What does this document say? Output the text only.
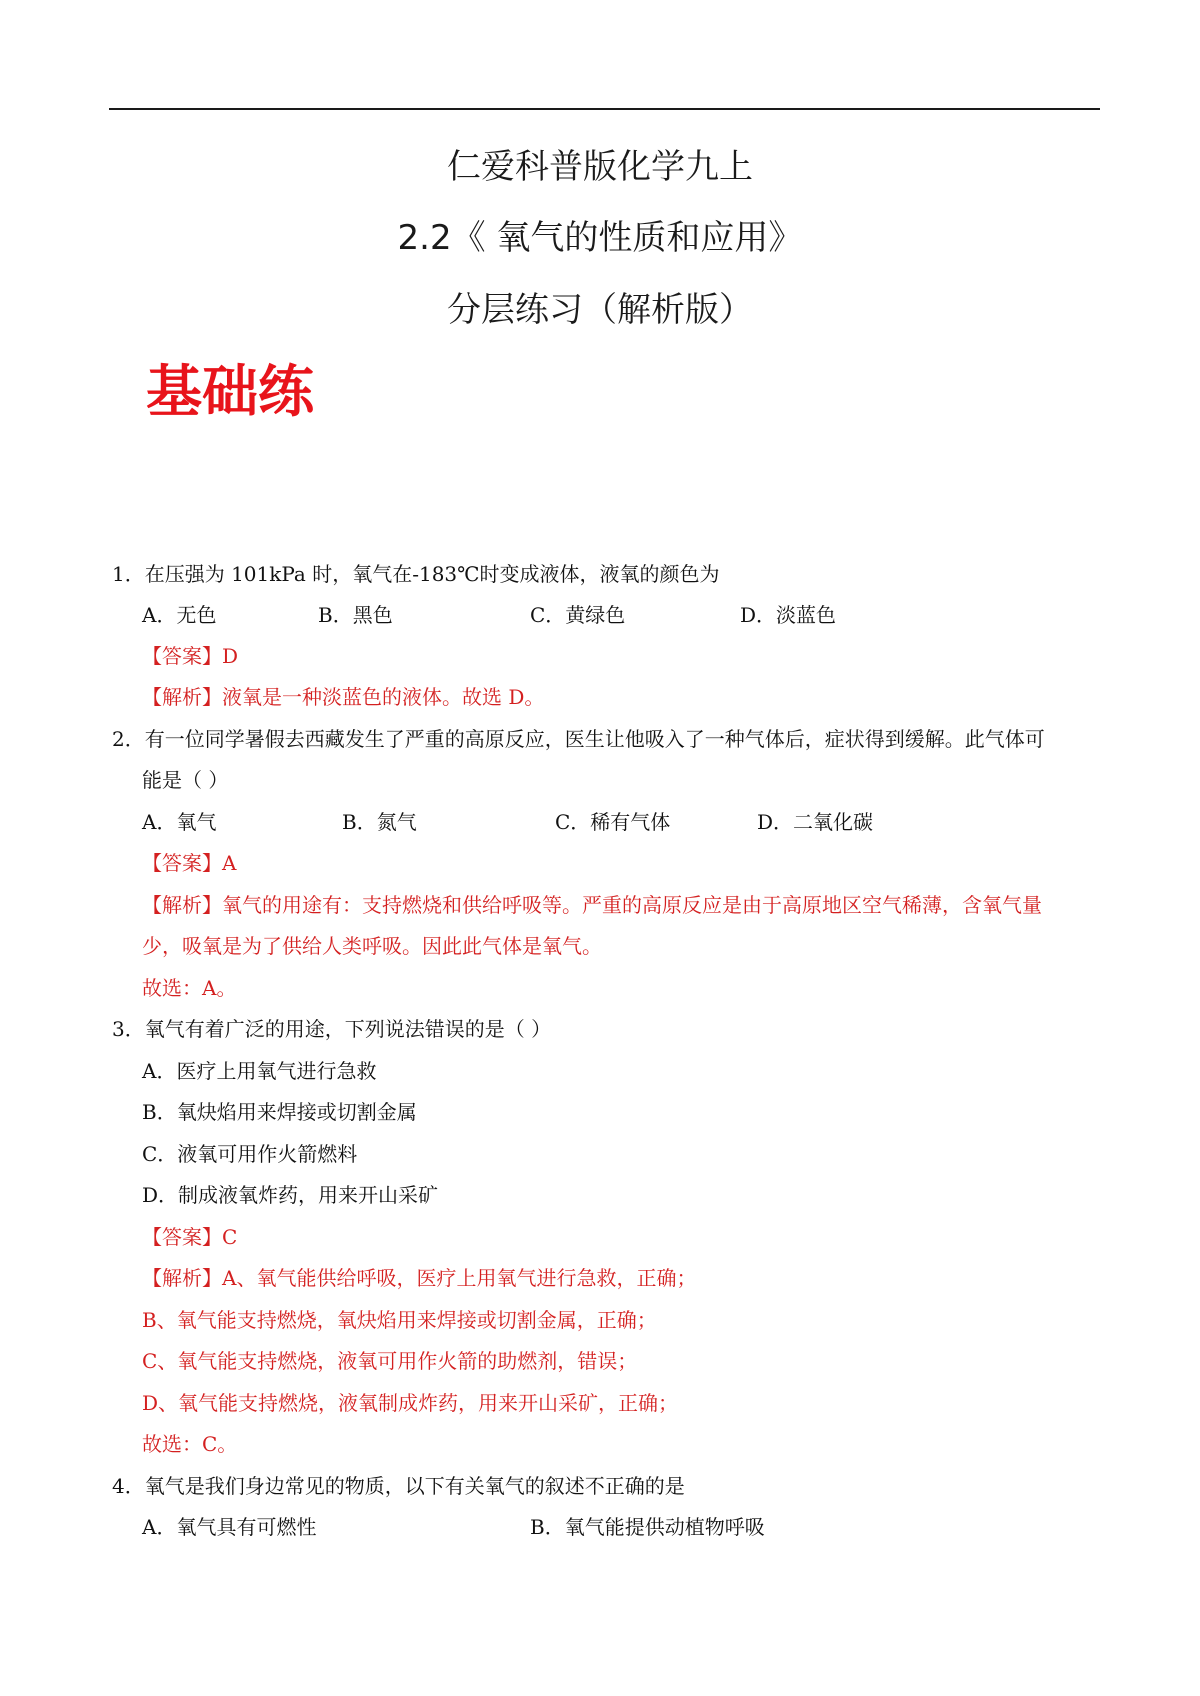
仁爱科普版化学九上
2.2《 氧气的性质和应用》
分层练习（解析版）
基础练
1．在压强为 101kPa 时，氧气在-183℃时变成液体，液氧的颜色为
A．无色	B．黑色	C．黄绿色	D．淡蓝色
【答案】D
【解析】液氧是一种淡蓝色的液体。故选 D。
2．有一位同学暑假去西藏发生了严重的高原反应，医生让他吸入了一种气体后，症状得到缓解。此气体可
能是（ ）
A．氧气	B．氮气	C．稀有气体	D．二氧化碳
【答案】A
【解析】氧气的用途有：支持燃烧和供给呼吸等。严重的高原反应是由于高原地区空气稀薄，含氧气量
少，吸氧是为了供给人类呼吸。因此此气体是氧气。
故选：A。
3．氧气有着广泛的用途，下列说法错误的是（ ）
A．医疗上用氧气进行急救
B．氧炔焰用来焊接或切割金属
C．液氧可用作火箭燃料
D．制成液氧炸药，用来开山采矿
【答案】C
【解析】A、氧气能供给呼吸，医疗上用氧气进行急救，正确；
B、氧气能支持燃烧，氧炔焰用来焊接或切割金属，正确；
C、氧气能支持燃烧，液氧可用作火箭的助燃剂，错误；
D、氧气能支持燃烧，液氧制成炸药，用来开山采矿，正确；
故选：C。
4．氧气是我们身边常见的物质，以下有关氧气的叙述不正确的是
A．氧气具有可燃性	B．氧气能提供动植物呼吸
